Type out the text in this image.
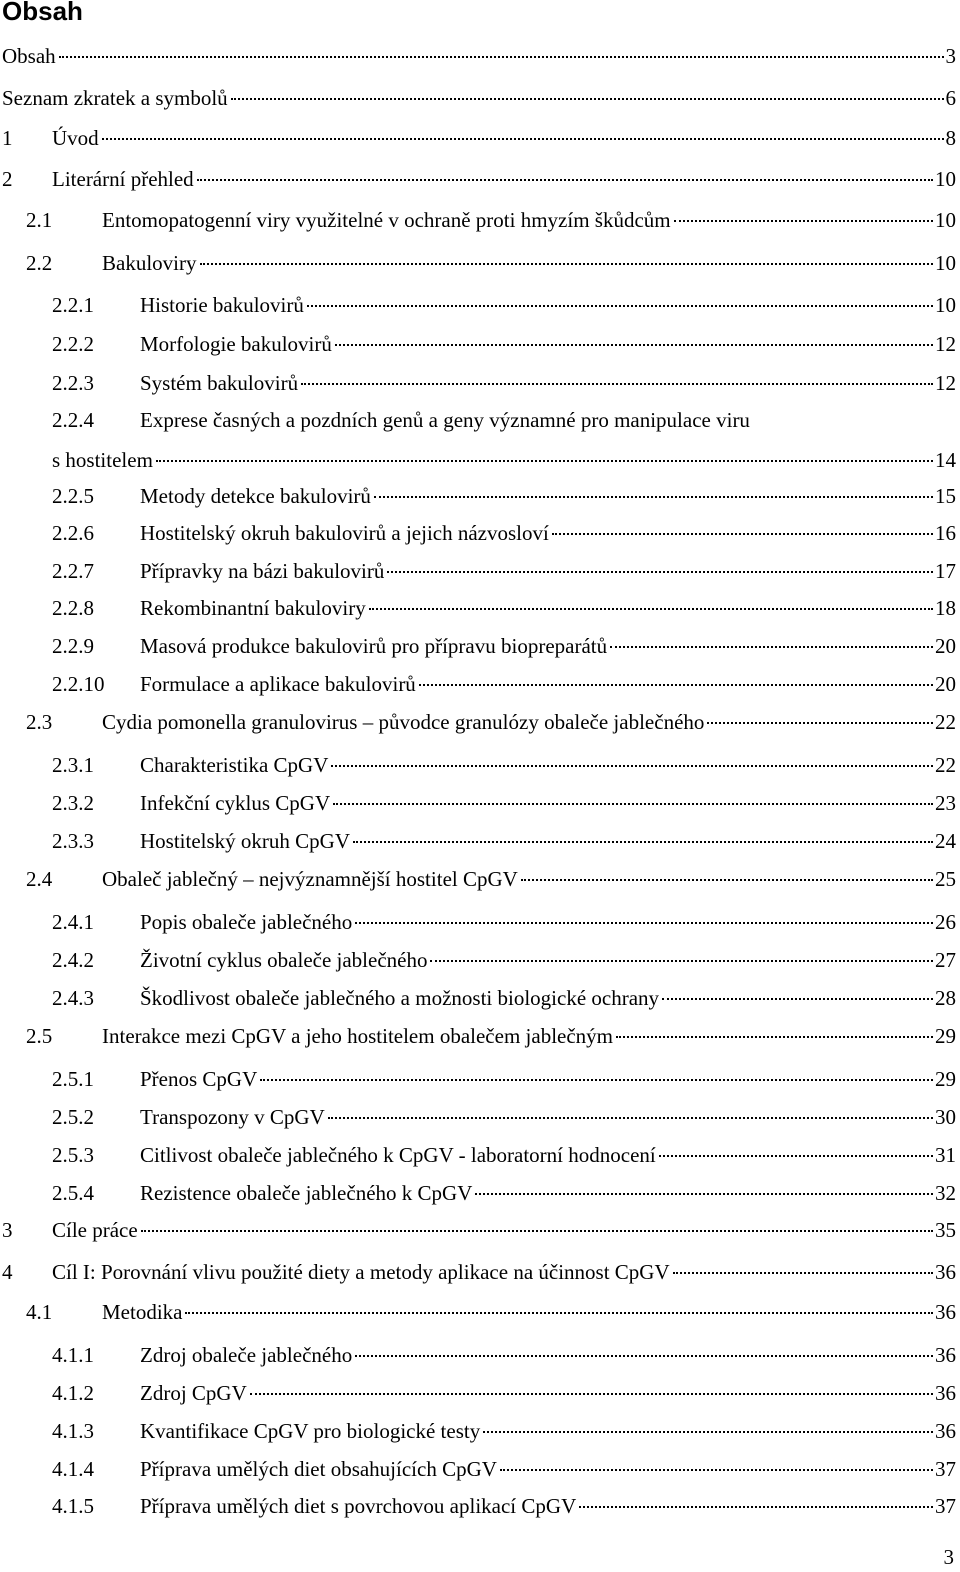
Obsah
Obsah	3
Seznam zkratek a symbolů	6
1	Úvod	8
2	Literární přehled	10
2.1	Entomopatogenní viry využitelné v ochraně proti hmyzím škůdcům	10
2.2	Bakuloviry	10
2.2.1	Historie bakulovirů	10
2.2.2	Morfologie bakulovirů	12
2.2.3	Systém bakulovirů	12
2.2.4 Exprese časných a pozdních genů a geny významné pro manipulace viru
s hostitelem	14
2.2.5	Metody detekce bakulovirů	15
2.2.6	Hostitelský okruh bakulovirů a jejich názvosloví	16
2.2.7	Přípravky na bázi bakulovirů	17
2.2.8	Rekombinantní bakuloviry	18
2.2.9	Masová produkce bakulovirů pro přípravu biopreparátů	20
2.2.10	Formulace a aplikace bakulovirů	20
2.3	Cydia pomonella granulovirus – původce granulózy obaleče jablečného	22
2.3.1	Charakteristika CpGV	22
2.3.2	Infekční cyklus CpGV	23
2.3.3	Hostitelský okruh CpGV	24
2.4	Obaleč jablečný – nejvýznamnější hostitel CpGV	25
2.4.1	Popis obaleče jablečného	26
2.4.2	Životní cyklus obaleče jablečného	27
2.4.3	Škodlivost obaleče jablečného a možnosti biologické ochrany	28
2.5	Interakce mezi CpGV a jeho hostitelem obalečem jablečným	29
2.5.1	Přenos CpGV	29
2.5.2	Transpozony v CpGV	30
2.5.3	Citlivost obaleče jablečného k CpGV - laboratorní hodnocení	31
2.5.4	Rezistence obaleče jablečného k CpGV	32
3	Cíle práce	35
4	Cíl I: Porovnání vlivu použité diety a metody aplikace na účinnost CpGV	36
4.1	Metodika	36
4.1.1	Zdroj obaleče jablečného	36
4.1.2	Zdroj CpGV	36
4.1.3	Kvantifikace CpGV pro biologické testy	36
4.1.4	Příprava umělých diet obsahujících CpGV	37
4.1.5	Příprava umělých diet s povrchovou aplikací CpGV	37
3
